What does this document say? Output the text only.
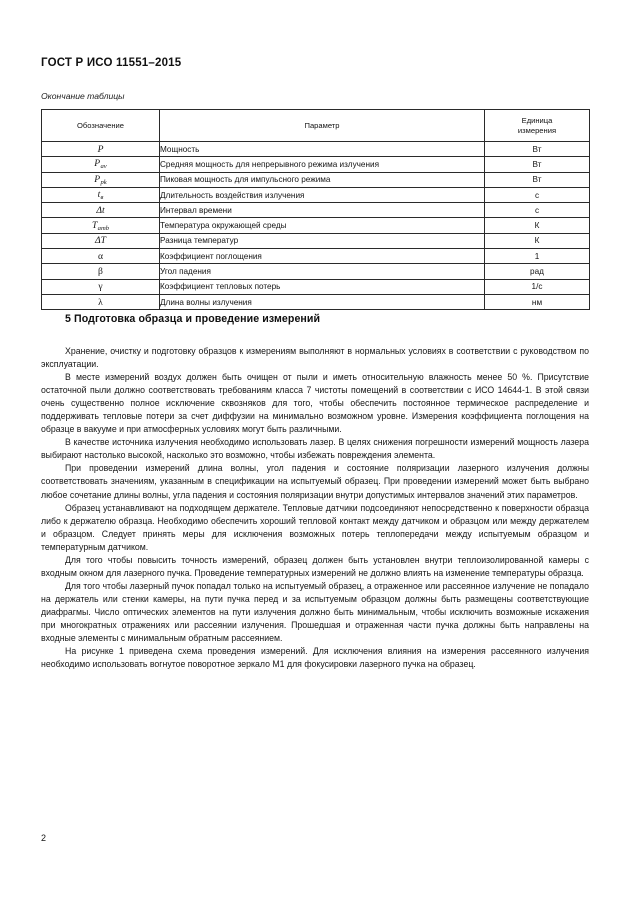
ГОСТ Р ИСО 11551–2015
Окончание таблицы
Обозначение	Параметр	Единица
измерения
P	Мощность	Вт
$P_{av}$	Средняя мощность для непрерывного режима излучения	Вт
$P_{pk}$	Пиковая мощность для импульсного режима	Вт
$t_в$	Длительность воздействия излучения	с
Δt	Интервал времени	с
$T_{amb}$	Температура окружающей среды	К
ΔT	Разница температур	К
α	Коэффициент поглощения	1
β	Угол падения	рад
γ	Коэффициент тепловых потерь	1/с
λ	Длина волны излучения	нм
5 Подготовка образца и проведение измерений

Хранение, очистку и подготовку образцов к измерениям выполняют в нормальных условиях в соответствии с руководством по эксплуатации.

В месте измерений воздух должен быть очищен от пыли и иметь относительную влажность менее 50 %. Присутствие остаточной пыли должно соответствовать требованиям класса 7 чистоты помещений в соответствии с ИСО 14644-1. В этой связи очень существенно полное исключение сквозняков для того, чтобы обеспечить постоянное термическое распределение и поддерживать тепловые потери за счет диффузии на минимально возможном уровне. Измерения коэффициента поглощения на образце в вакууме и при атмосферных условиях могут быть различными.

В качестве источника излучения необходимо использовать лазер. В целях снижения погрешности измерений мощность лазера выбирают настолько высокой, насколько это возможно, чтобы избежать повреждения элемента.

При проведении измерений длина волны, угол падения и состояние поляризации лазерного излучения должны соответствовать значениям, указанным в спецификации на испытуемый образец. При проведении измерений может быть выбрано любое сочетание длины волны, угла падения и состояния поляризации внутри допустимых интервалов значений этих параметров.

Образец устанавливают на подходящем держателе. Тепловые датчики подсоединяют непосредственно к поверхности образца либо к держателю образца. Необходимо обеспечить хороший тепловой контакт между датчиком и образцом или между держателем и образцом. Следует принять меры для исключения возможных потерь теплопередачи между испытуемым образцом и температурным датчиком.

Для того чтобы повысить точность измерений, образец должен быть установлен внутри теплоизолированной камеры с входным окном для лазерного пучка. Проведение температурных измерений не должно влиять на изменение температуры образца.

Для того чтобы лазерный пучок попадал только на испытуемый образец, а отраженное или рассеянное излучение не попадало на держатель или стенки камеры, на пути пучка перед и за испытуемым образцом должны быть размещены соответствующие диафрагмы. Число оптических элементов на пути излучения должно быть минимальным, чтобы исключить возможные искажения при многократных отражениях или рассеянии излучения. Прошедшая и отраженная части пучка должны быть направлены на входные элементы с минимальным обратным рассеянием.

На рисунке 1 приведена схема проведения измерений. Для исключения влияния на измерения рассеянного излучения необходимо использовать вогнутое поворотное зеркало М1 для фокусировки лазерного пучка на образец.

2
